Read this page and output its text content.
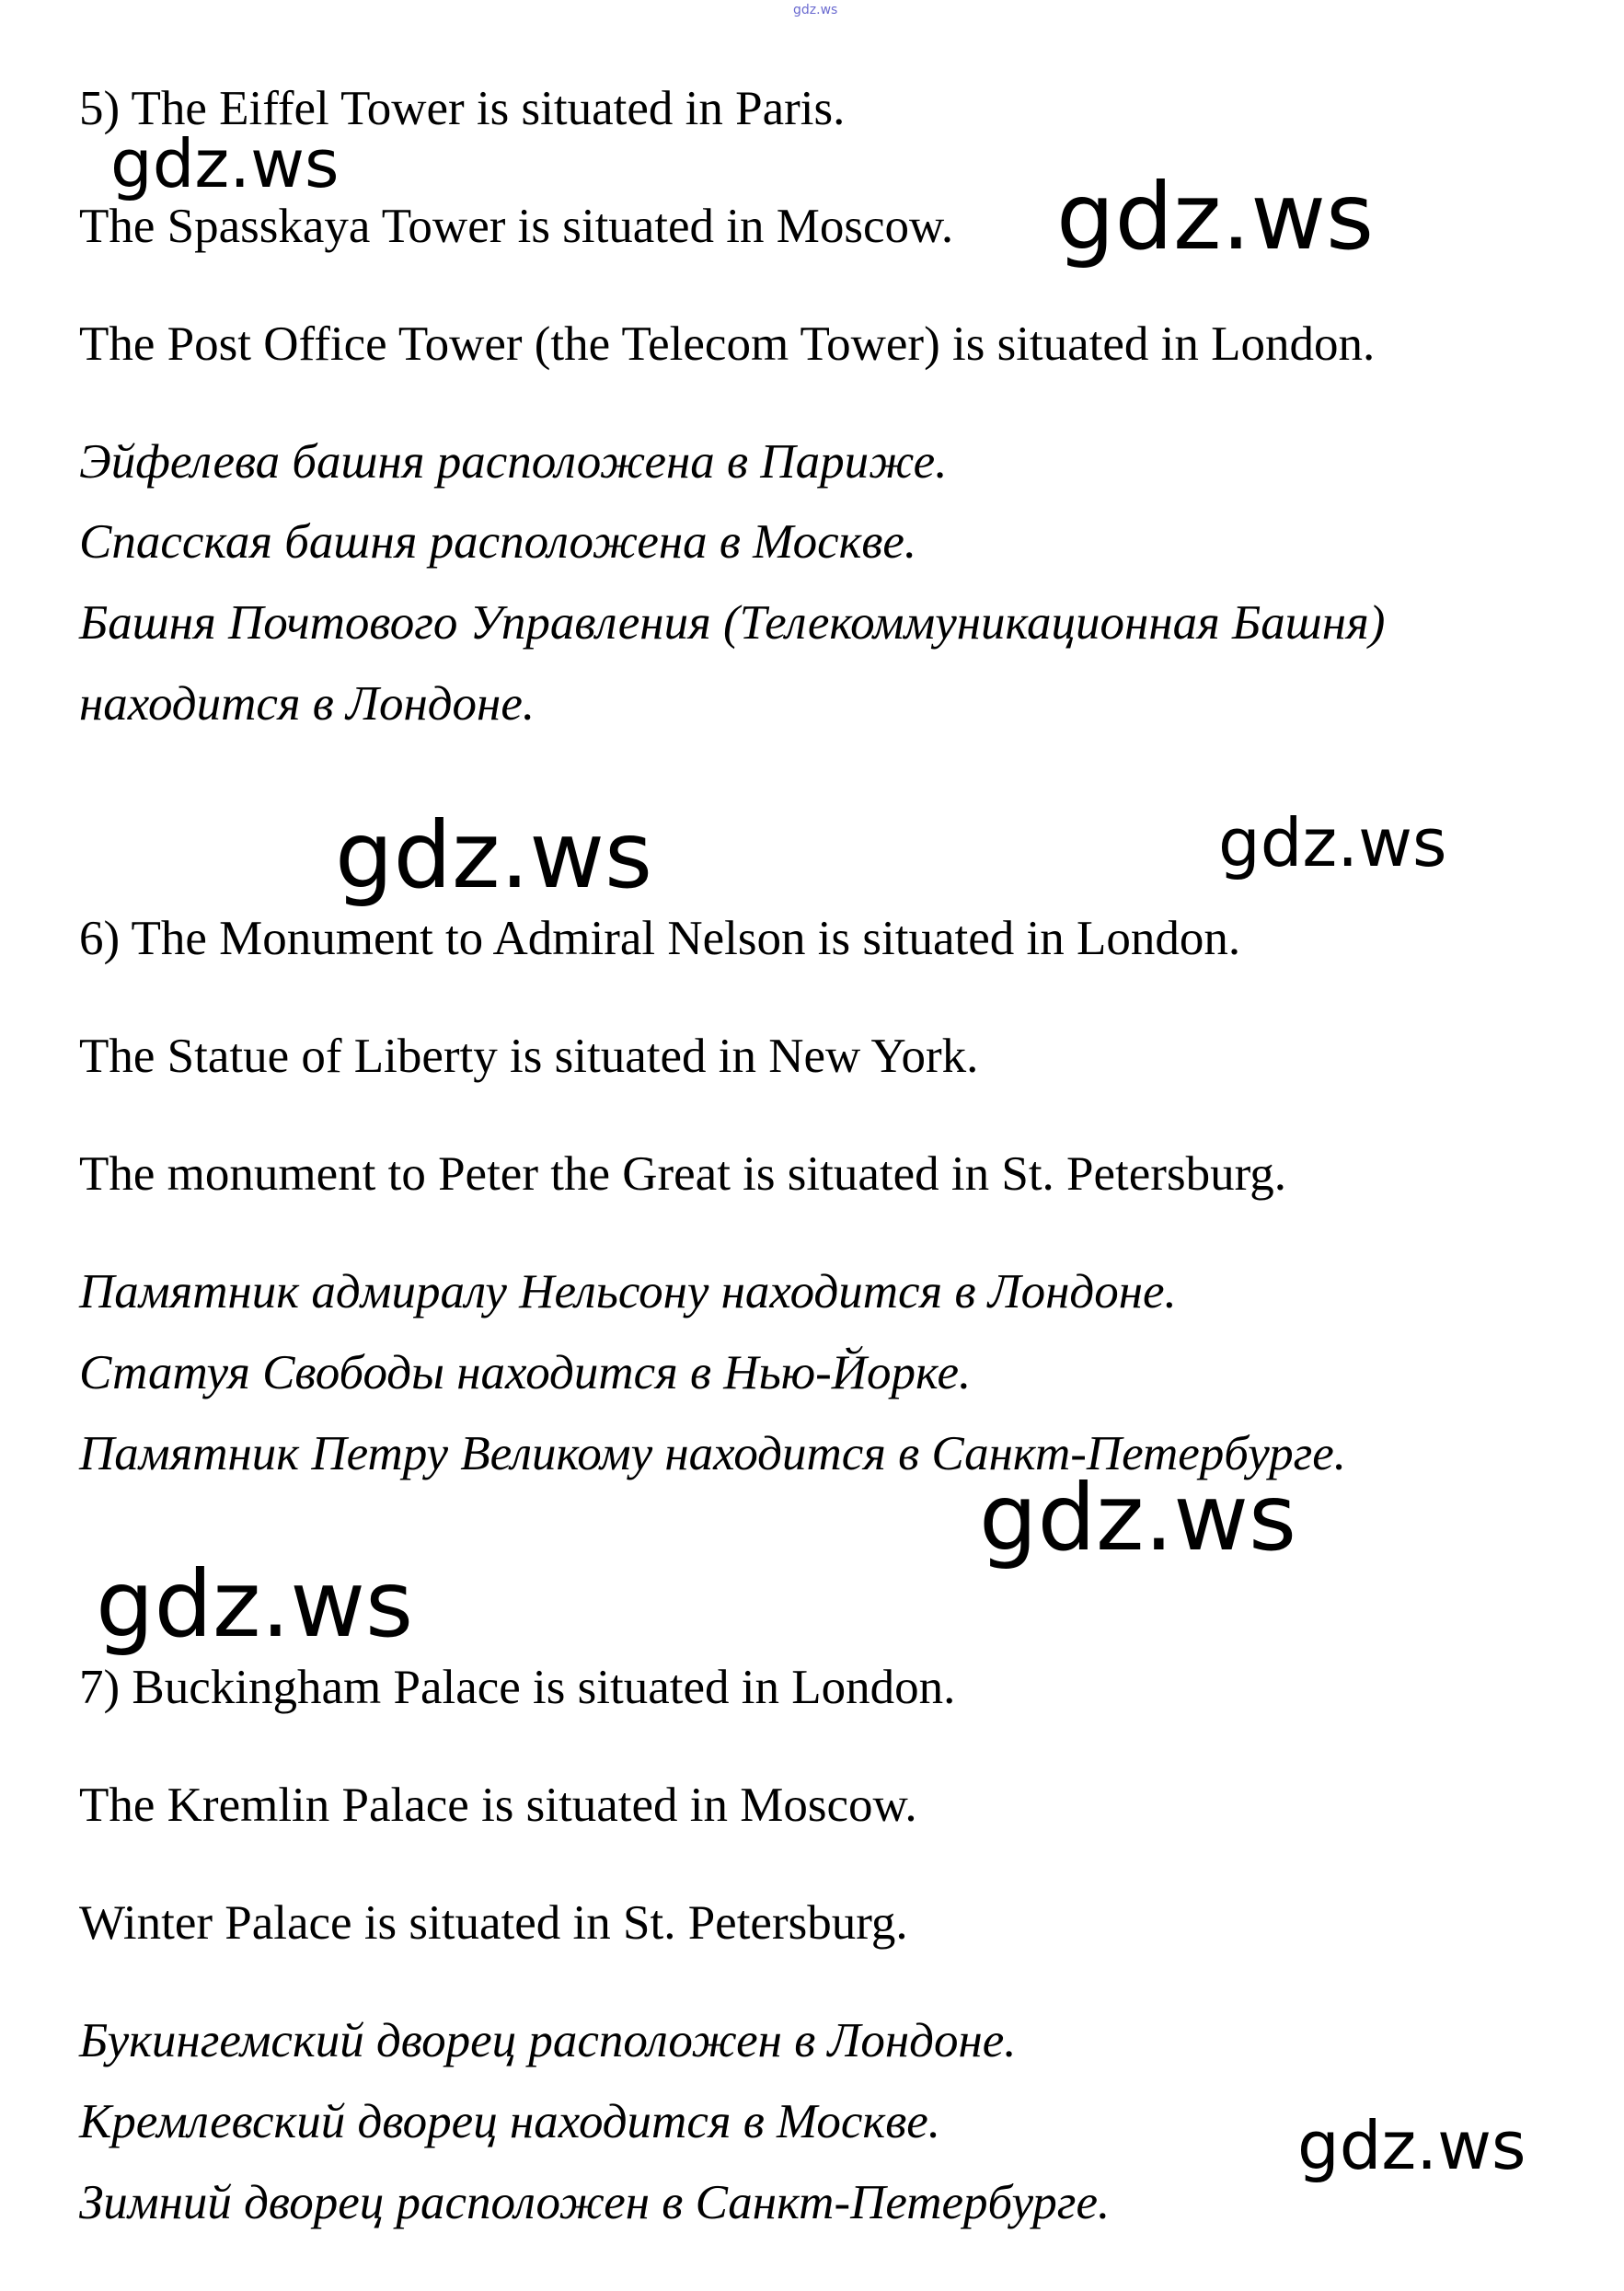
gdz.ws
5) The Eiffel Tower is situated in Paris.
The Spasskaya Tower is situated in Moscow.
The Post Office Tower (the Telecom Tower) is situated in London.
Эйфелева башня расположена в Париже.
Спасская башня расположена в Москве.
Башня Почтового Управления (Телекоммуникационная Башня)
находится в Лондоне.
6) The Monument to Admiral Nelson is situated in London.
The Statue of Liberty is situated in New York.
The monument to Peter the Great is situated in St. Petersburg.
Памятник адмиралу Нельсону находится в Лондоне.
Статуя Свободы находится в Нью-Йорке.
Памятник Петру Великому находится в Санкт-Петербурге.
7) Buckingham Palace is situated in London.
The Kremlin Palace is situated in Moscow.
Winter Palace is situated in St. Petersburg.
Букингемский дворец расположен в Лондоне.
Кремлевский дворец находится в Москве.
Зимний дворец расположен в Санкт-Петербурге.
gdz.ws	gdz.ws
gdz.ws	gdz.ws
gdz.ws
gdz.ws
gdz.ws
